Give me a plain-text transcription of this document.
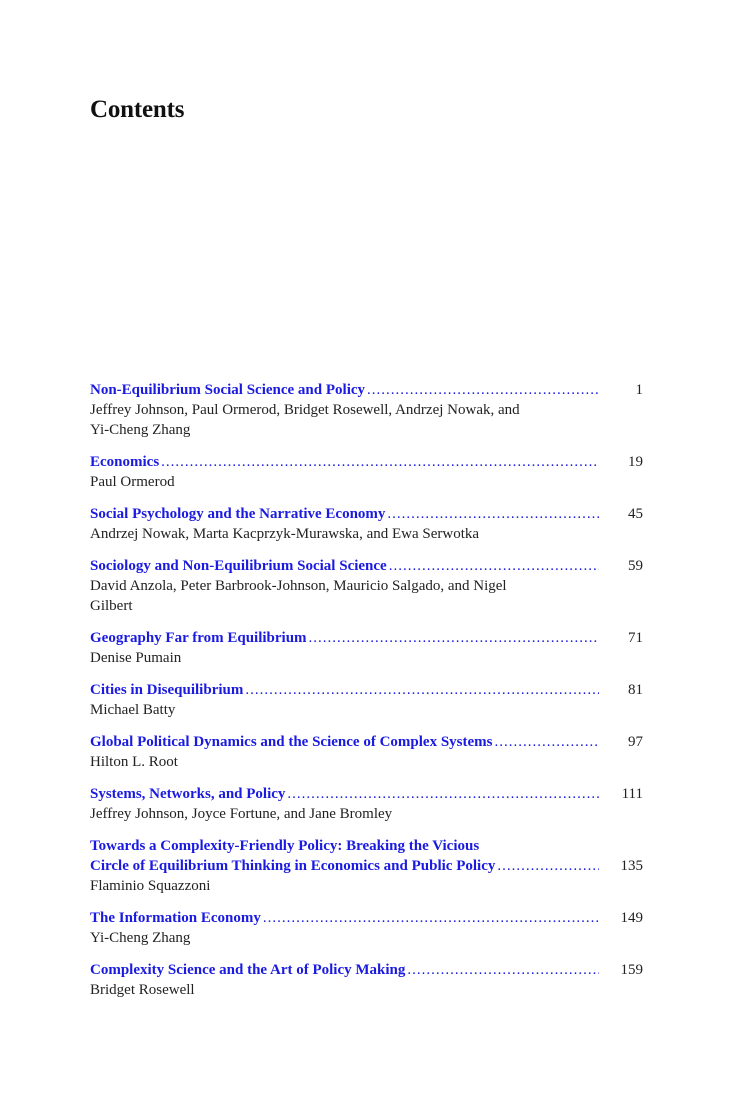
Contents
Non-Equilibrium Social Science and Policy .....	1
Jeffrey Johnson, Paul Ormerod, Bridget Rosewell, Andrzej Nowak, and Yi-Cheng Zhang
Economics .....	19
Paul Ormerod
Social Psychology and the Narrative Economy .....	45
Andrzej Nowak, Marta Kacprzyk-Murawska, and Ewa Serwotka
Sociology and Non-Equilibrium Social Science .....	59
David Anzola, Peter Barbrook-Johnson, Mauricio Salgado, and Nigel Gilbert
Geography Far from Equilibrium .....	71
Denise Pumain
Cities in Disequilibrium .....	81
Michael Batty
Global Political Dynamics and the Science of Complex Systems .....	97
Hilton L. Root
Systems, Networks, and Policy .....	111
Jeffrey Johnson, Joyce Fortune, and Jane Bromley
Towards a Complexity-Friendly Policy: Breaking the Vicious
Circle of Equilibrium Thinking in Economics and Public Policy .....	135
Flaminio Squazzoni
The Information Economy .....	149
Yi-Cheng Zhang
Complexity Science and the Art of Policy Making .....	159
Bridget Rosewell
